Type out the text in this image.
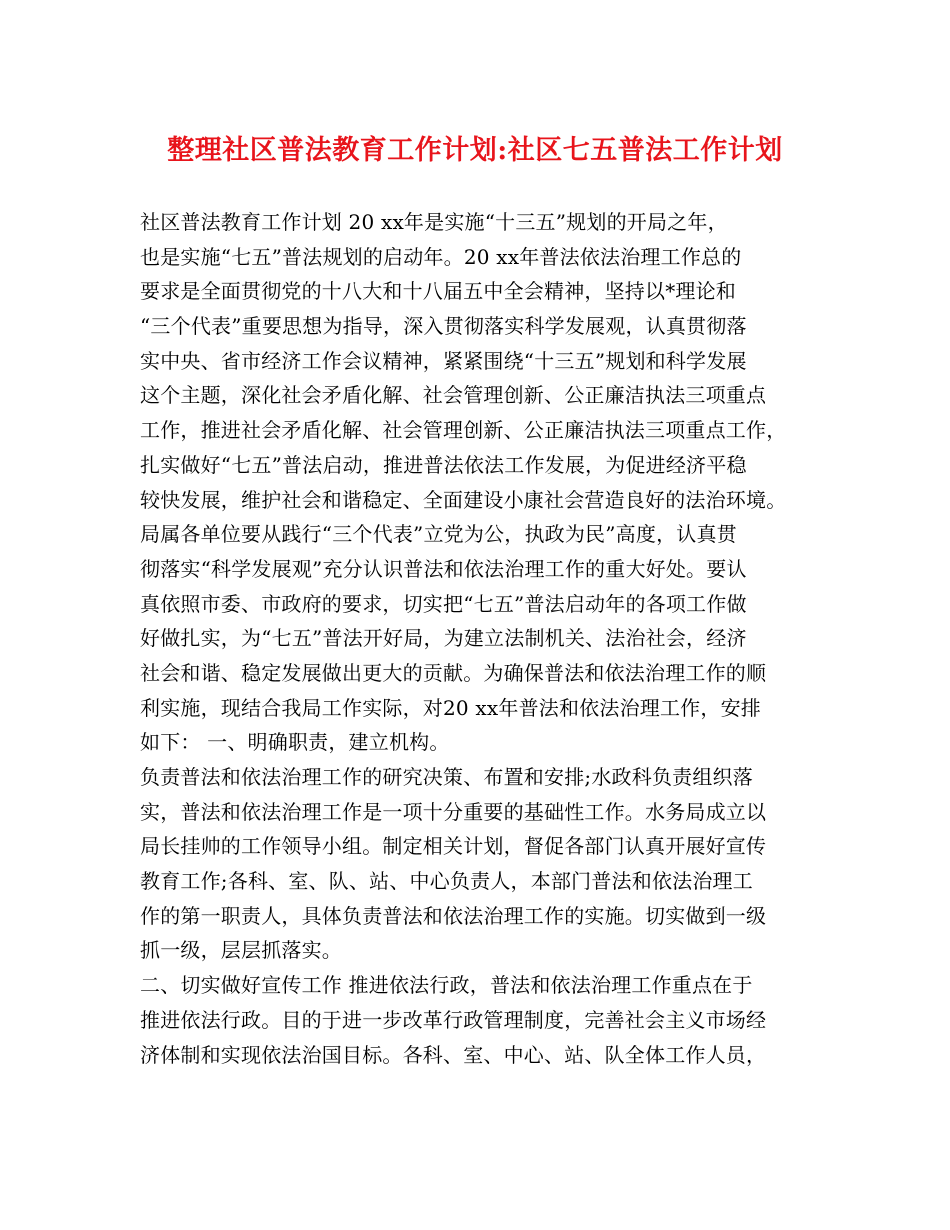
整理社区普法教育工作计划:社区七五普法工作计划
社区普法教育工作计划 20 xx年是实施“十三五”规划的开局之年，
也是实施“七五”普法规划的启动年。20 xx年普法依法治理工作总的
要求是全面贯彻党的十八大和十八届五中全会精神，坚持以*理论和
“三个代表”重要思想为指导，深入贯彻落实科学发展观，认真贯彻落
实中央、省市经济工作会议精神，紧紧围绕“十三五”规划和科学发展
这个主题，深化社会矛盾化解、社会管理创新、公正廉洁执法三项重点
工作，推进社会矛盾化解、社会管理创新、公正廉洁执法三项重点工作，
扎实做好“七五”普法启动，推进普法依法工作发展，为促进经济平稳
较快发展，维护社会和谐稳定、全面建设小康社会营造良好的法治环境。
局属各单位要从践行“三个代表”立党为公，执政为民”高度，认真贯
彻落实“科学发展观”充分认识普法和依法治理工作的重大好处。要认
真依照市委、市政府的要求，切实把“七五”普法启动年的各项工作做
好做扎实，为“七五”普法开好局，为建立法制机关、法治社会，经济
社会和谐、稳定发展做出更大的贡献。为确保普法和依法治理工作的顺
利实施，现结合我局工作实际，对20 xx年普法和依法治理工作，安排
如下： 一、明确职责，建立机构。
负责普法和依法治理工作的研究决策、布置和安排;水政科负责组织落
实，普法和依法治理工作是一项十分重要的基础性工作。水务局成立以
局长挂帅的工作领导小组。制定相关计划，督促各部门认真开展好宣传
教育工作;各科、室、队、站、中心负责人，本部门普法和依法治理工
作的第一职责人，具体负责普法和依法治理工作的实施。切实做到一级
抓一级，层层抓落实。
二、切实做好宣传工作 推进依法行政，普法和依法治理工作重点在于
推进依法行政。目的于进一步改革行政管理制度，完善社会主义市场经
济体制和实现依法治国目标。各科、室、中心、站、队全体工作人员，
